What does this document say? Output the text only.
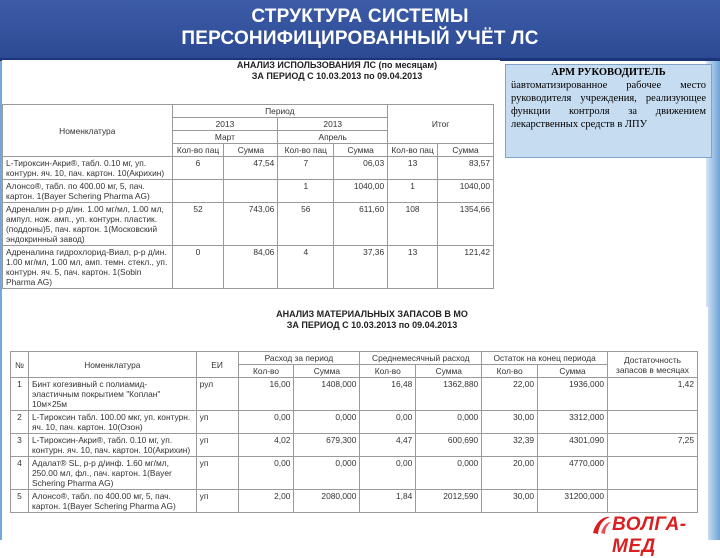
СТРУКТУРА СИСТЕМЫ
ПЕРСОНИФИЦИРОВАННЫЙ УЧЁТ ЛС
АНАЛИЗ ИСПОЛЬЗОВАНИЯ ЛС (по месяцам)
ЗА ПЕРИОД С 10.03.2013 по 09.04.2013
Номенклатура	Период				Итог	
	2013		2013			
	Март		Апрель			
	Кол-во пац	Сумма	Кол-во пац	Сумма	Кол-во пац	Сумма
L-Тироксин-Акри®, табл. 0.10 мг, уп. контурн. яч. 10, пач. картон. 10(Акрихин)	6	47,54	7	06,03	13	83,57
Алонсо®, табл. по 400.00 мг, 5, пач. картон. 1(Bayer Schering Pharma AG)			1	1040,00	1	1040,00
Адреналин р-р д/ин. 1.00 мг/мл, 1.00 мл, ампул. нож. амп., уп. контурн. пластик. (поддоны)5, пач. картон. 1(Московский эндокринный завод)	52	743,06	56	611,60	108	1354,66
Адреналина гидрохлорид-Виал, р-р д/ин. 1.00 мг/мл, 1.00 мл, амп. темн. стекл., уп. контурн. яч. 5, пач. картон. 1(Sobin Pharma AG)	0	84,06	4	37,36	13	121,42
АНАЛИЗ МАТЕРИАЛЬНЫХ ЗАПАСОВ В МО
ЗА ПЕРИОД С 10.03.2013 по 09.04.2013
№	Номенклатура	ЕИ	Расход за период		Среднемесячный расход		Остаток на конец периода		Достаточность запасов в месяцах
			Кол-во	Сумма	Кол-во	Сумма	Кол-во	Сумма	
1	Бинт когезивный с полиамид-эластичным покрытием "Коплан" 10м×25м	рул	16,00	1408,000	16,48	1362,880	22,00	1936,000	1,42
2	L-Тироксин табл. 100.00 мкг, уп. контурн. яч. 10, пач. картон. 10(Озон)	уп	0,00	0,000	0,00	0,000	30,00	3312,000	
3	L-Тироксин-Акри®, табл. 0.10 мг, уп. контурн. яч. 10, пач. картон. 10(Акрихин)	уп	4,02	679,300	4,47	600,690	32,39	4301,090	7,25
4	Адалат® SL, р-р д/инф. 1.60 мг/мл, 250.00 мл, фл., пач. картон. 1(Bayer Schering Pharma AG)	уп	0,00	0,000	0,00	0,000	20,00	4770,000	
5	Алонсо®, табл. по 400.00 мг, 5, пач. картон. 1(Bayer Schering Pharma AG)	уп	2,00	2080,000	1,84	2012,590	30,00	31200,000	
АРМ РУКОВОДИТЕЛЬ
üавтоматизированное рабочее место руководителя учреждения, реализующее функции контроля за движением лекарственных средств в ЛПУ
ВОЛГА-МЕД
